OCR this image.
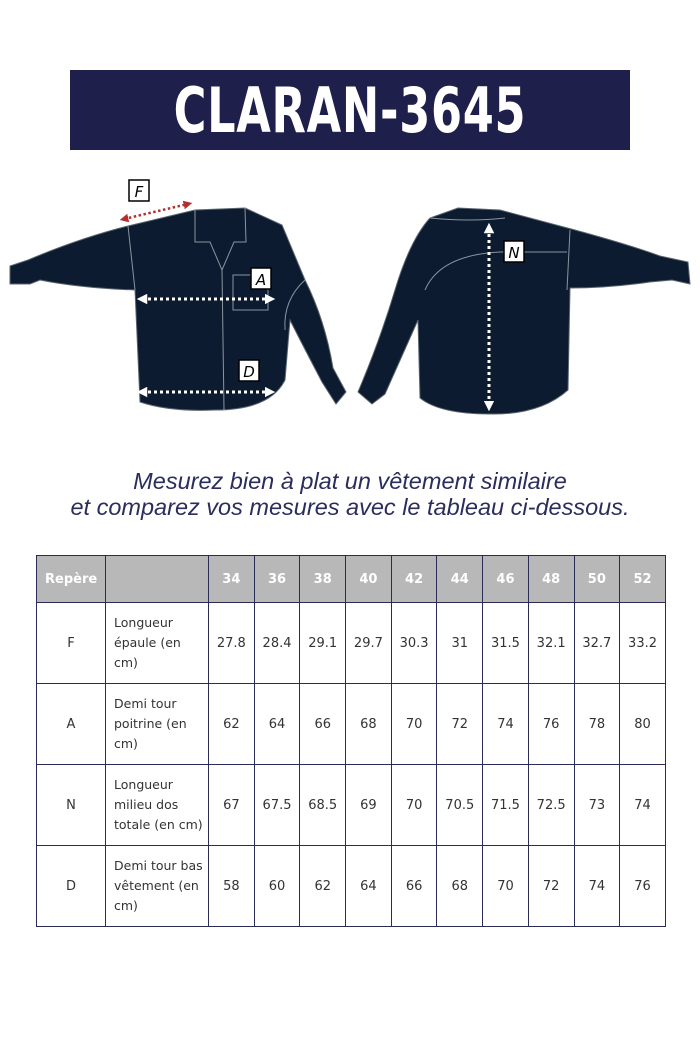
CLARAN-3645
F
A
D
N
Mesurez bien à plat un vêtement similaire
et comparez vos mesures avec le tableau ci-dessous.
Repère		34	36	38	40	42	44	46	48	50	52
F	Longueur épaule (en cm)	27.8	28.4	29.1	29.7	30.3	31	31.5	32.1	32.7	33.2
A	Demi tour poitrine (en cm)	62	64	66	68	70	72	74	76	78	80
N	Longueur milieu dos totale (en cm)	67	67.5	68.5	69	70	70.5	71.5	72.5	73	74
D	Demi tour bas vêtement (en cm)	58	60	62	64	66	68	70	72	74	76
